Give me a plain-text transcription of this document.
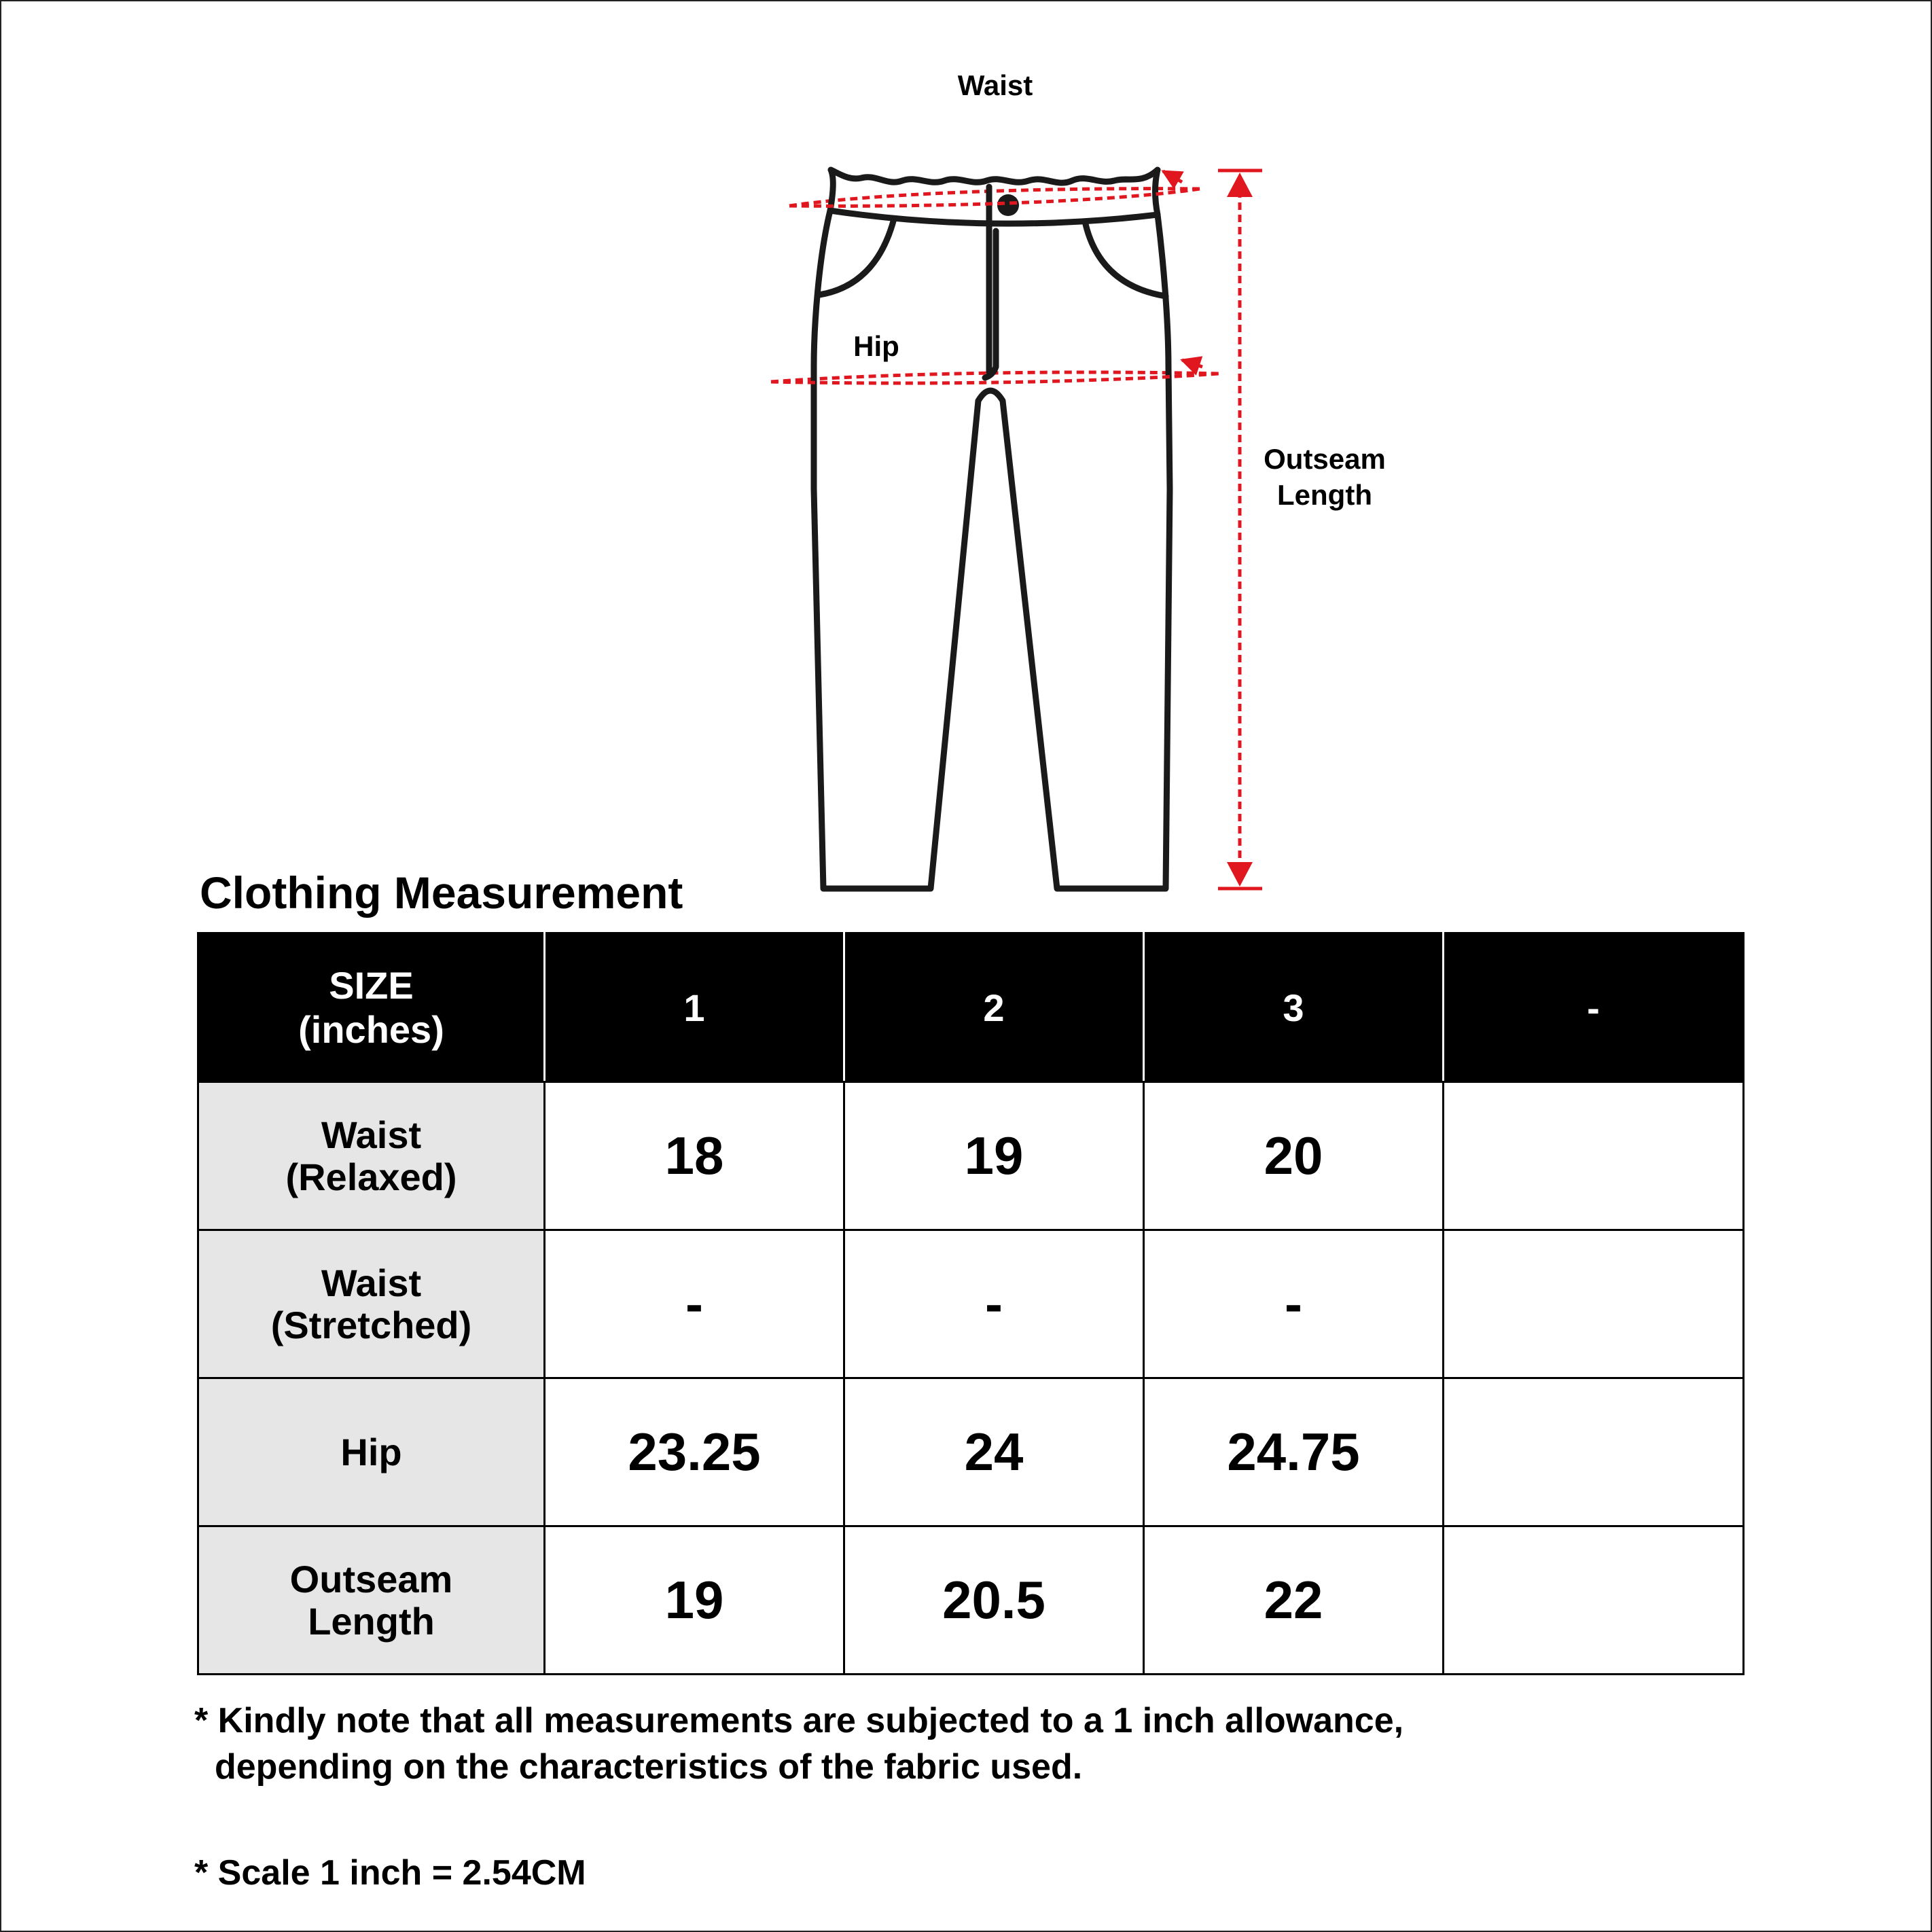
Waist
Hip
Outseam
Length
Clothing Measurement
SIZE
(inches)	1	2	3	-

Waist
(Relaxed)	18	19	20	

Waist
(Stretched)	-	-	-	

Hip	23.25	24	24.75	

Outseam
Length	19	20.5	22	
* Kindly note that all measurements are subjected to a 1 inch allowance,
depending on the characteristics of the fabric used.
* Scale 1 inch = 2.54CM
